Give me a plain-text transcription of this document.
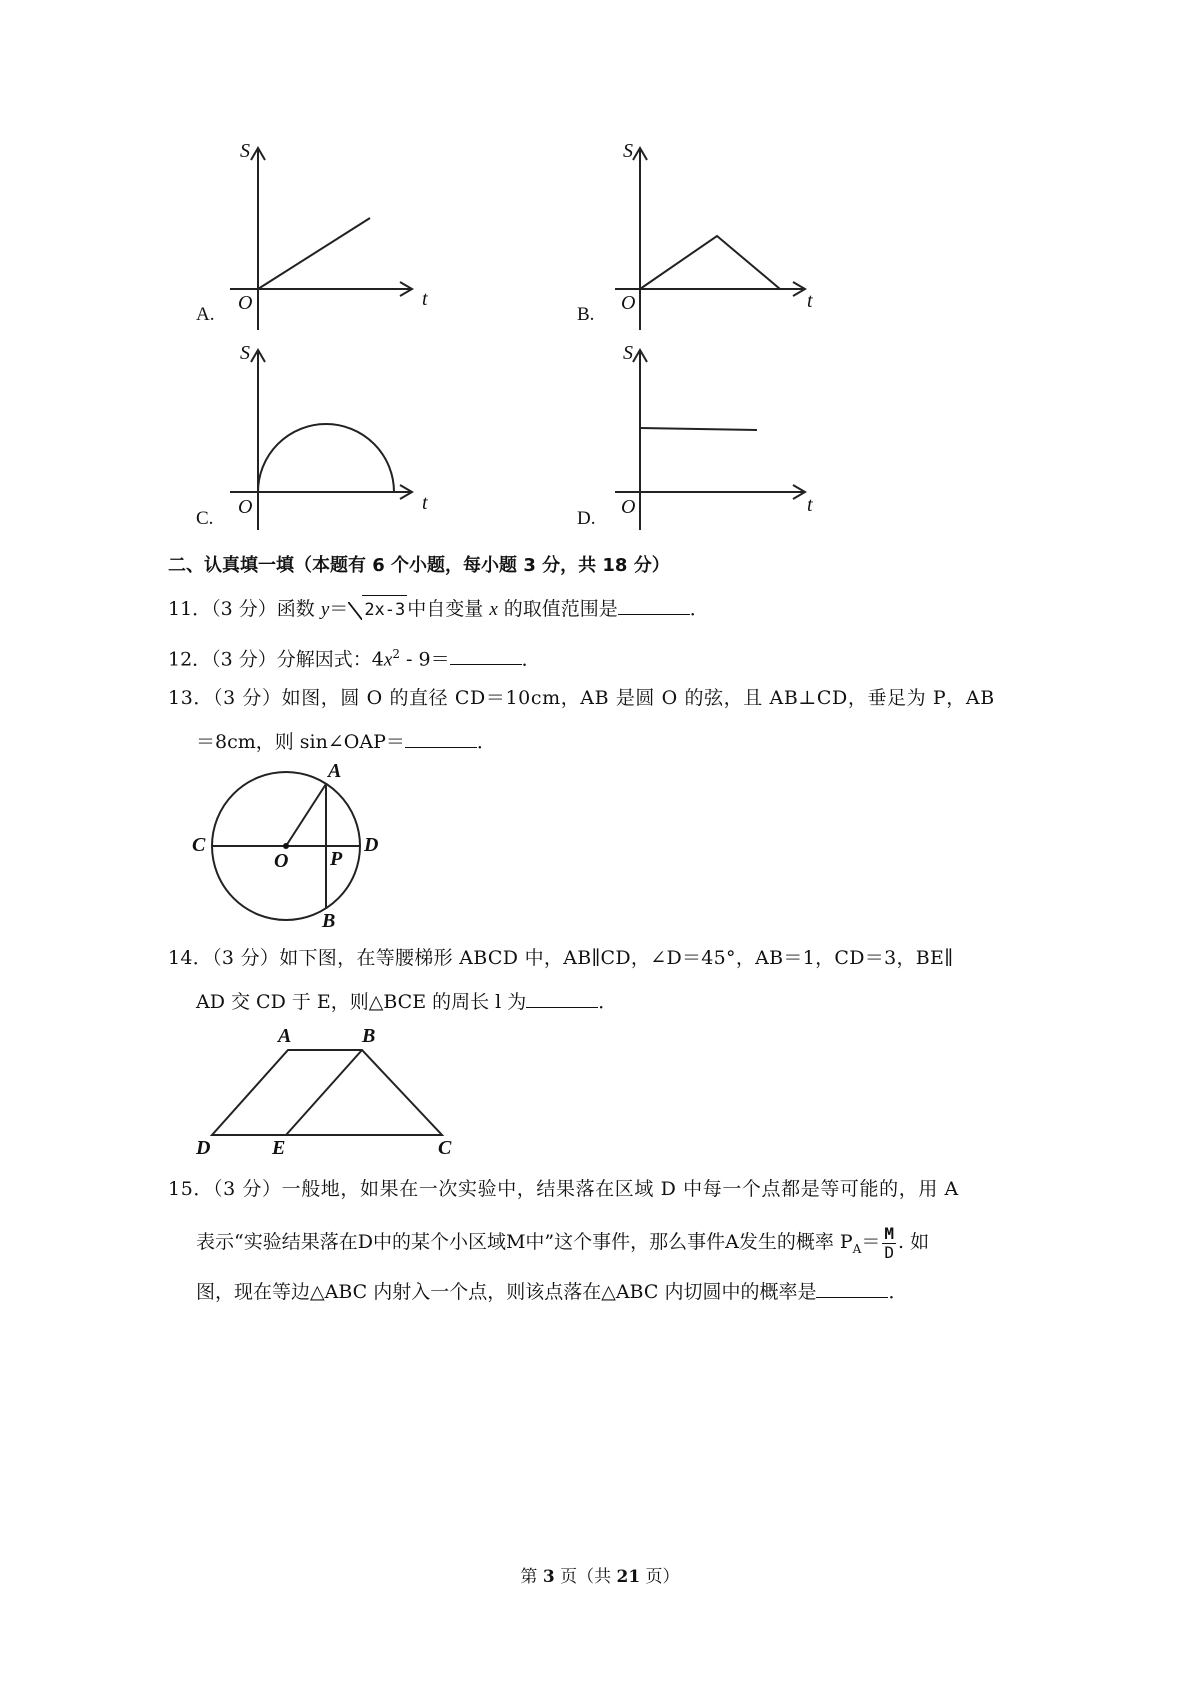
S
O	t
A.
S
O	t
B.
S
O	t
C.
S
O	t
D.
二、认真填一填（本题有 6 个小题，每小题 3 分，共 18 分）
11．（3 分）函数 y＝ 2x-3 中自变量 x 的取值范围是	．
12．（3 分）分解因式：$4x^2 - 9=$	．
13．（3 分）如图，圆 O 的直径 CD＝10cm，AB 是圆 O 的弦，且 AB⊥CD，垂足为 P，AB
＝8cm，则 sin∠OAP＝	．
A
C	D
O P
B
14．（3 分）如下图，在等腰梯形 ABCD 中，AB∥CD，∠D＝45°，AB＝1，CD＝3，BE∥
AD 交 CD 于 E，则△BCE 的周长 l 为	．
A	B
D	E	C
15．（3 分）一般地，如果在一次实验中，结果落在区域 D 中每一个点都是等可能的，用 A
表示“实验结果落在D中的某个小区域M中”这个事件，那么事件A发生的概率 $P_A= \frac{M}{D}$ . 如
图，现在等边△ABC 内射入一个点，则该点落在△ABC 内切圆中的概率是	．
第 3 页（共 21 页）
